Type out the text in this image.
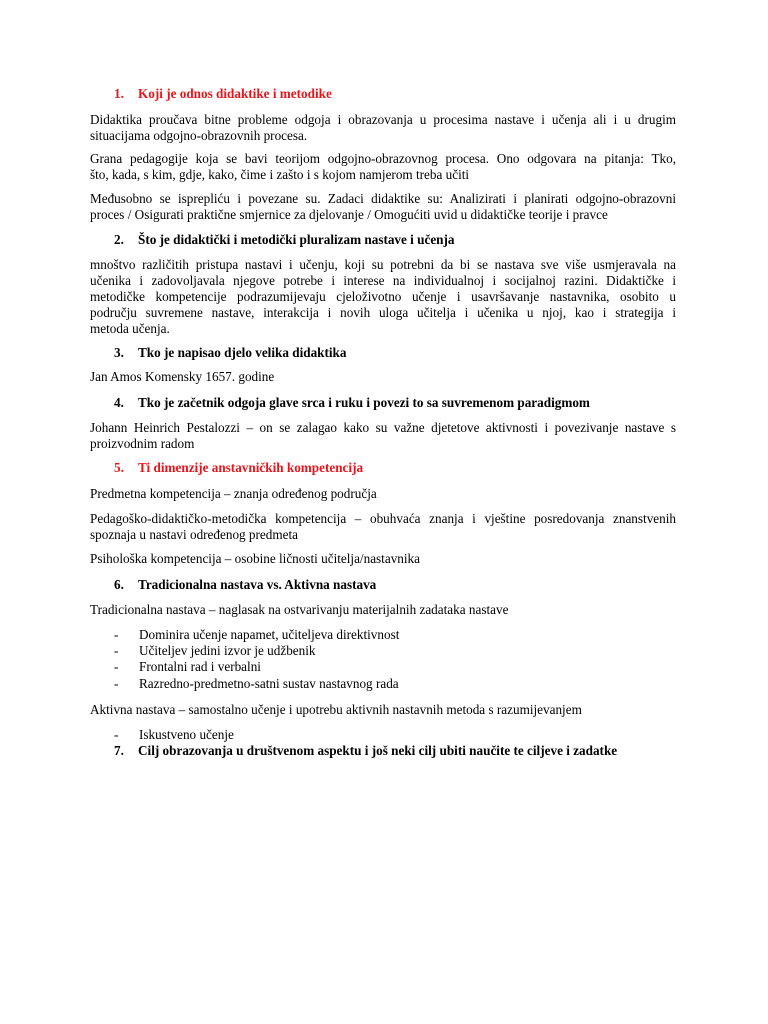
1. Koji je odnos didaktike i metodike
Didaktika proučava bitne probleme odgoja i obrazovanja u procesima nastave i učenja ali i u drugim
situacijama odgojno-obrazovnih procesa.
Grana pedagogije koja se bavi teorijom odgojno-obrazovnog procesa. Ono odgovara na pitanja: Tko,
što, kada, s kim, gdje, kako, čime i zašto i s kojom namjerom treba učiti
Međusobno se isprepliću i povezane su. Zadaci didaktike su: Analizirati i planirati odgojno-obrazovni
proces / Osigurati praktične smjernice za djelovanje / Omogućiti uvid u didaktičke teorije i pravce
2. Što je didaktički i metodički pluralizam nastave i učenja
mnoštvo različitih pristupa nastavi i učenju, koji su potrebni da bi se nastava sve više usmjeravala na
učenika i zadovoljavala njegove potrebe i interese na individualnoj i socijalnoj razini. Didaktičke i
metodičke kompetencije podrazumijevaju cjeloživotno učenje i usavršavanje nastavnika, osobito u
području suvremene nastave, interakcija i novih uloga učitelja i učenika u njoj, kao i strategija i
metoda učenja.
3. Tko je napisao djelo velika didaktika
Jan Amos Komensky 1657. godine
4. Tko je začetnik odgoja glave srca i ruku i povezi to sa suvremenom paradigmom
Johann Heinrich Pestalozzi – on se zalagao kako su važne djetetove aktivnosti i povezivanje nastave s
proizvodnim radom
5. Ti dimenzije anstavničkih kompetencija
Predmetna kompetencija – znanja određenog područja
Pedagoško-didaktičko-metodička kompetencija – obuhvaća znanja i vještine posredovanja znanstvenih
spoznaja u nastavi određenog predmeta
Psihološka kompetencija – osobine ličnosti učitelja/nastavnika
6. Tradicionalna nastava vs. Aktivna nastava
Tradicionalna nastava – naglasak na ostvarivanju materijalnih zadataka nastave
- Dominira učenje napamet, učiteljeva direktivnost
- Učiteljev jedini izvor je udžbenik
- Frontalni rad i verbalni
- Razredno-predmetno-satni sustav nastavnog rada
Aktivna nastava – samostalno učenje i upotrebu aktivnih nastavnih metoda s razumijevanjem
- Iskustveno učenje
7. Cilj obrazovanja u društvenom aspektu i još neki cilj ubiti naučite te ciljeve i zadatke
